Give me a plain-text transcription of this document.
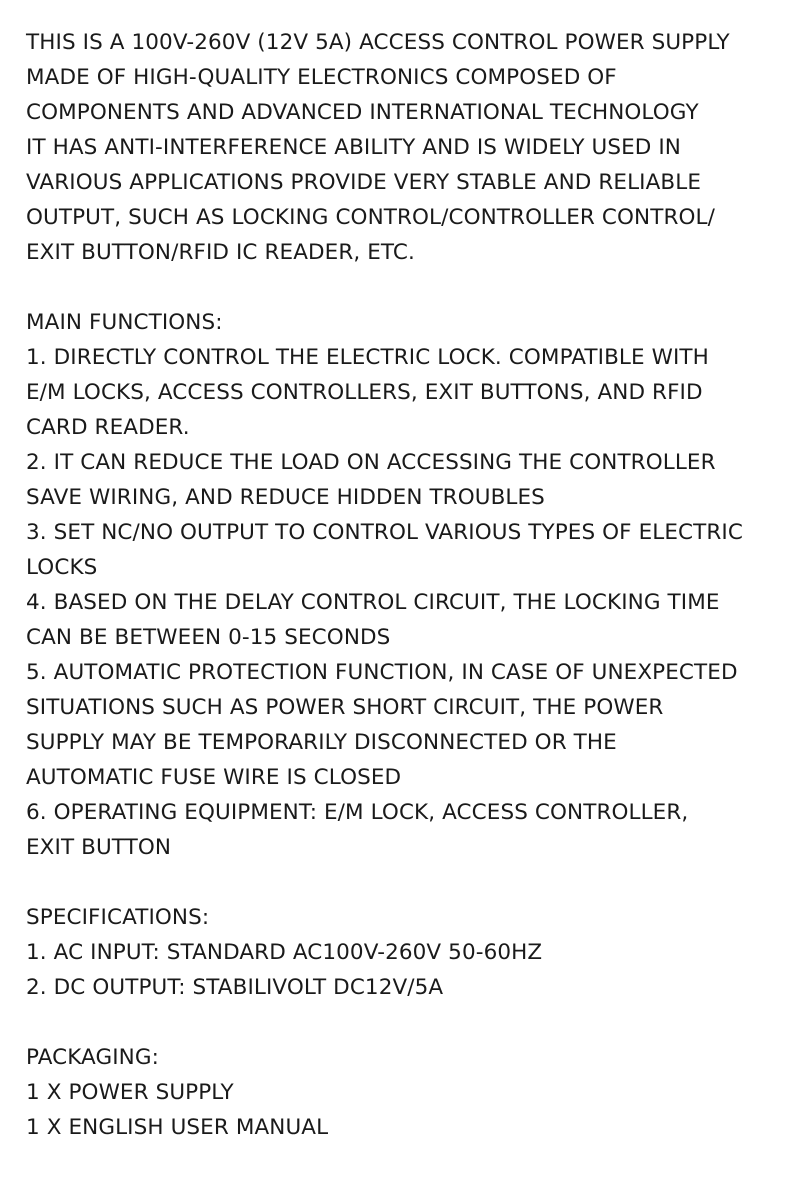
THIS IS A 100V-260V (12V 5A) ACCESS CONTROL POWER SUPPLY
MADE OF HIGH-QUALITY ELECTRONICS COMPOSED OF
COMPONENTS AND ADVANCED INTERNATIONAL TECHNOLOGY
IT HAS ANTI-INTERFERENCE ABILITY AND IS WIDELY USED IN
VARIOUS APPLICATIONS PROVIDE VERY STABLE AND RELIABLE
OUTPUT, SUCH AS LOCKING CONTROL/CONTROLLER CONTROL/
EXIT BUTTON/RFID IC READER, ETC.
MAIN FUNCTIONS:
1. DIRECTLY CONTROL THE ELECTRIC LOCK. COMPATIBLE WITH
E/M LOCKS, ACCESS CONTROLLERS, EXIT BUTTONS, AND RFID
CARD READER.
2. IT CAN REDUCE THE LOAD ON ACCESSING THE CONTROLLER
SAVE WIRING, AND REDUCE HIDDEN TROUBLES
3. SET NC/NO OUTPUT TO CONTROL VARIOUS TYPES OF ELECTRIC
LOCKS
4. BASED ON THE DELAY CONTROL CIRCUIT, THE LOCKING TIME
CAN BE BETWEEN 0-15 SECONDS
5. AUTOMATIC PROTECTION FUNCTION, IN CASE OF UNEXPECTED
SITUATIONS SUCH AS POWER SHORT CIRCUIT, THE POWER
SUPPLY MAY BE TEMPORARILY DISCONNECTED OR THE
AUTOMATIC FUSE WIRE IS CLOSED
6. OPERATING EQUIPMENT: E/M LOCK, ACCESS CONTROLLER,
EXIT BUTTON
SPECIFICATIONS:
1. AC INPUT: STANDARD AC100V-260V 50-60HZ
2. DC OUTPUT: STABILIVOLT DC12V/5A
PACKAGING:
1 X POWER SUPPLY
1 X ENGLISH USER MANUAL
